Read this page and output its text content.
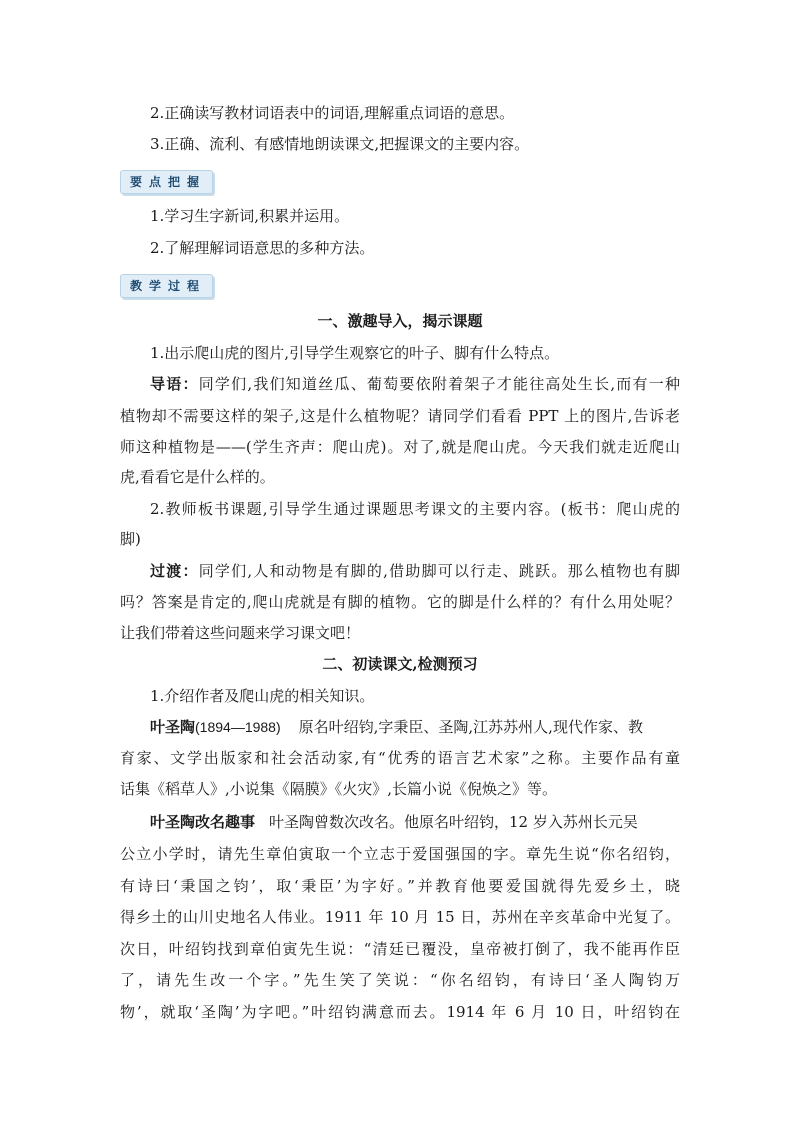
2.正确读写教材词语表中的词语,理解重点词语的意思。
3.正确、流利、有感情地朗读课文,把握课文的主要内容。
要点把握
1.学习生字新词,积累并运用。
2.了解理解词语意思的多种方法。
教学过程
一、激趣导入，揭示课题
1.出示爬山虎的图片,引导学生观察它的叶子、脚有什么特点。
导语：同学们,我们知道丝瓜、葡萄要依附着架子才能往高处生长,而有一种
植物却不需要这样的架子,这是什么植物呢？请同学们看看 PPT 上的图片,告诉老
师这种植物是——(学生齐声：爬山虎)。对了,就是爬山虎。今天我们就走近爬山
虎,看看它是什么样的。
2.教师板书课题,引导学生通过课题思考课文的主要内容。(板书：爬山虎的
脚)
过渡：同学们,人和动物是有脚的,借助脚可以行走、跳跃。那么植物也有脚
吗？答案是肯定的,爬山虎就是有脚的植物。它的脚是什么样的？有什么用处呢？
让我们带着这些问题来学习课文吧！
二、初读课文,检测预习
1.介绍作者及爬山虎的相关知识。
叶圣陶(1894—1988) 原名叶绍钧,字秉臣、圣陶,江苏苏州人,现代作家、教
育家、文学出版家和社会活动家,有“优秀的语言艺术家”之称。主要作品有童
话集《稻草人》,小说集《隔膜》《火灾》,长篇小说《倪焕之》等。
叶圣陶改名趣事 叶圣陶曾数次改名。他原名叶绍钧，12 岁入苏州长元吴
公立小学时，请先生章伯寅取一个立志于爱国强国的字。章先生说“你名绍钧，
有诗曰‘秉国之钧’，取‘秉臣’为字好。”并教育他要爱国就得先爱乡土，晓
得乡土的山川史地名人伟业。1911 年 10 月 15 日，苏州在辛亥革命中光复了。
次日，叶绍钧找到章伯寅先生说：“清廷已覆没，皇帝被打倒了，我不能再作臣
了，请先生改一个字。”先生笑了笑说：“你名绍钧，有诗曰‘圣人陶钧万
物’，就取‘圣陶’为字吧。”叶绍钧满意而去。1914 年 6 月 10 日，叶绍钧在
